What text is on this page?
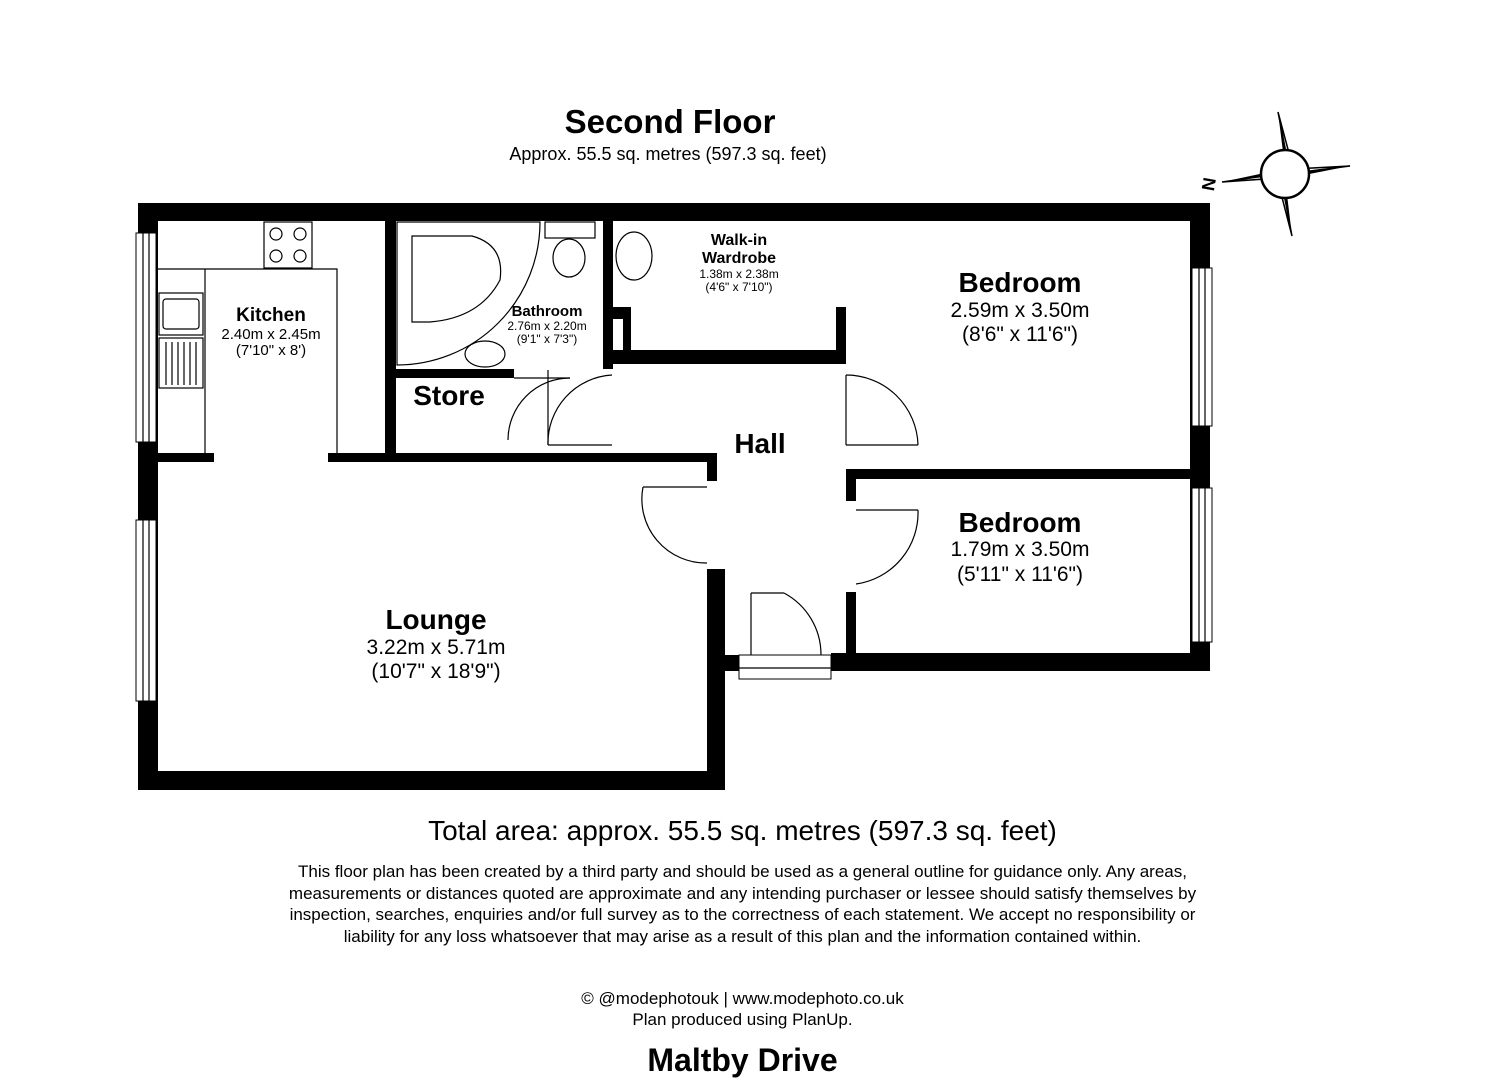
Second Floor
Approx. 55.5 sq. metres (597.3 sq. feet)
N
Kitchen
2.40m x 2.45m
(7'10" x 8')
Bathroom
2.76m x 2.20m
(9'1" x 7'3")
Walk-in
Wardrobe
1.38m x 2.38m
(4'6" x 7'10")	Bedroom
2.59m x 3.50m
(8'6" x 11'6")
Store
Hall
Bedroom
1.79m x 3.50m
(5'11" x 11'6")
Lounge
3.22m x 5.71m
(10'7" x 18'9")
Total area: approx. 55.5 sq. metres (597.3 sq. feet)
This floor plan has been created by a third party and should be used as a general outline for guidance only. Any areas, measurements or distances quoted are approximate and any intending purchaser or lessee should satisfy themselves by inspection, searches, enquiries and/or full survey as to the correctness of each statement. We accept no responsibility or liability for any loss whatsoever that may arise as a result of this plan and the information contained within.
© @modephotouk | www.modephoto.co.uk
Plan produced using PlanUp.
Maltby Drive
